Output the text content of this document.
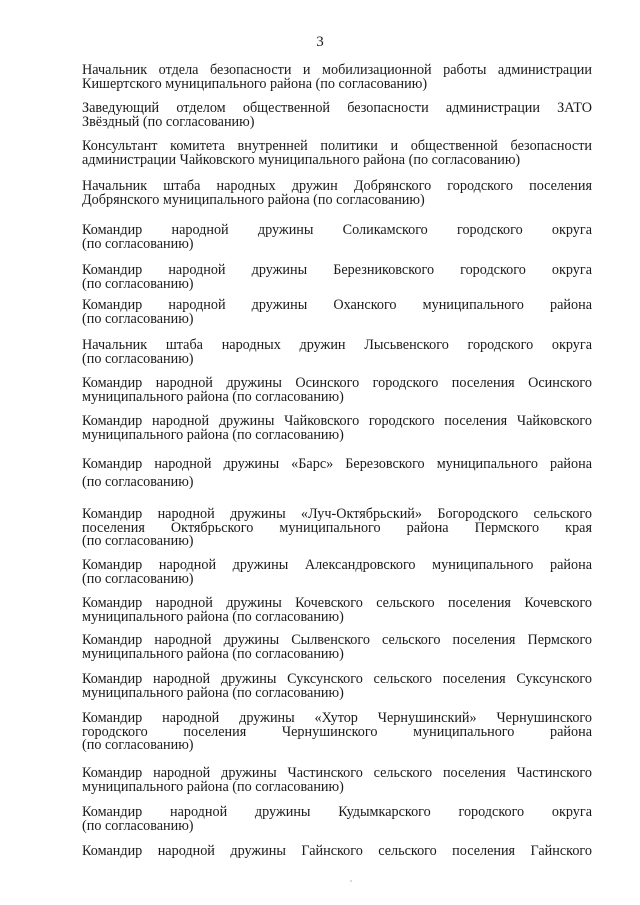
3
Начальник отдела безопасности и мобилизационной работы администрации
Кишертского муниципального района (по согласованию)
Заведующий отделом общественной безопасности администрации ЗАТО
Звёздный (по согласованию)
Консультант комитета внутренней политики и общественной безопасности
администрации Чайковского муниципального района (по согласованию)
Начальник штаба народных дружин Добрянского городского поселения
Добрянского муниципального района (по согласованию)
Командир народной дружины Соликамского городского округа
(по согласованию)
Командир народной дружины Березниковского городского округа
(по согласованию)
Командир народной дружины Оханского муниципального района
(по согласованию)
Начальник штаба народных дружин Лысьвенского городского округа
(по согласованию)
Командир народной дружины Осинского городского поселения Осинского
муниципального района (по согласованию)
Командир народной дружины Чайковского городского поселения Чайковского
муниципального района (по согласованию)
Командир народной дружины «Барс» Березовского муниципального района
(по согласованию)
Командир народной дружины «Луч-Октябрьский» Богородского сельского
поселения Октябрьского муниципального района Пермского края
(по согласованию)
Командир народной дружины Александровского муниципального района
(по согласованию)
Командир народной дружины Кочевского сельского поселения Кочевского
муниципального района (по согласованию)
Командир народной дружины Сылвенского сельского поселения Пермского
муниципального района (по согласованию)
Командир народной дружины Суксунского сельского поселения Суксунского
муниципального района (по согласованию)
Командир народной дружины «Хутор Чернушинский» Чернушинского
городского поселения Чернушинского муниципального района
(по согласованию)
Командир народной дружины Частинского сельского поселения Частинского
муниципального района (по согласованию)
Командир народной дружины Кудымкарского городского округа
(по согласованию)
Командир народной дружины Гайнского сельского поселения Гайнского
